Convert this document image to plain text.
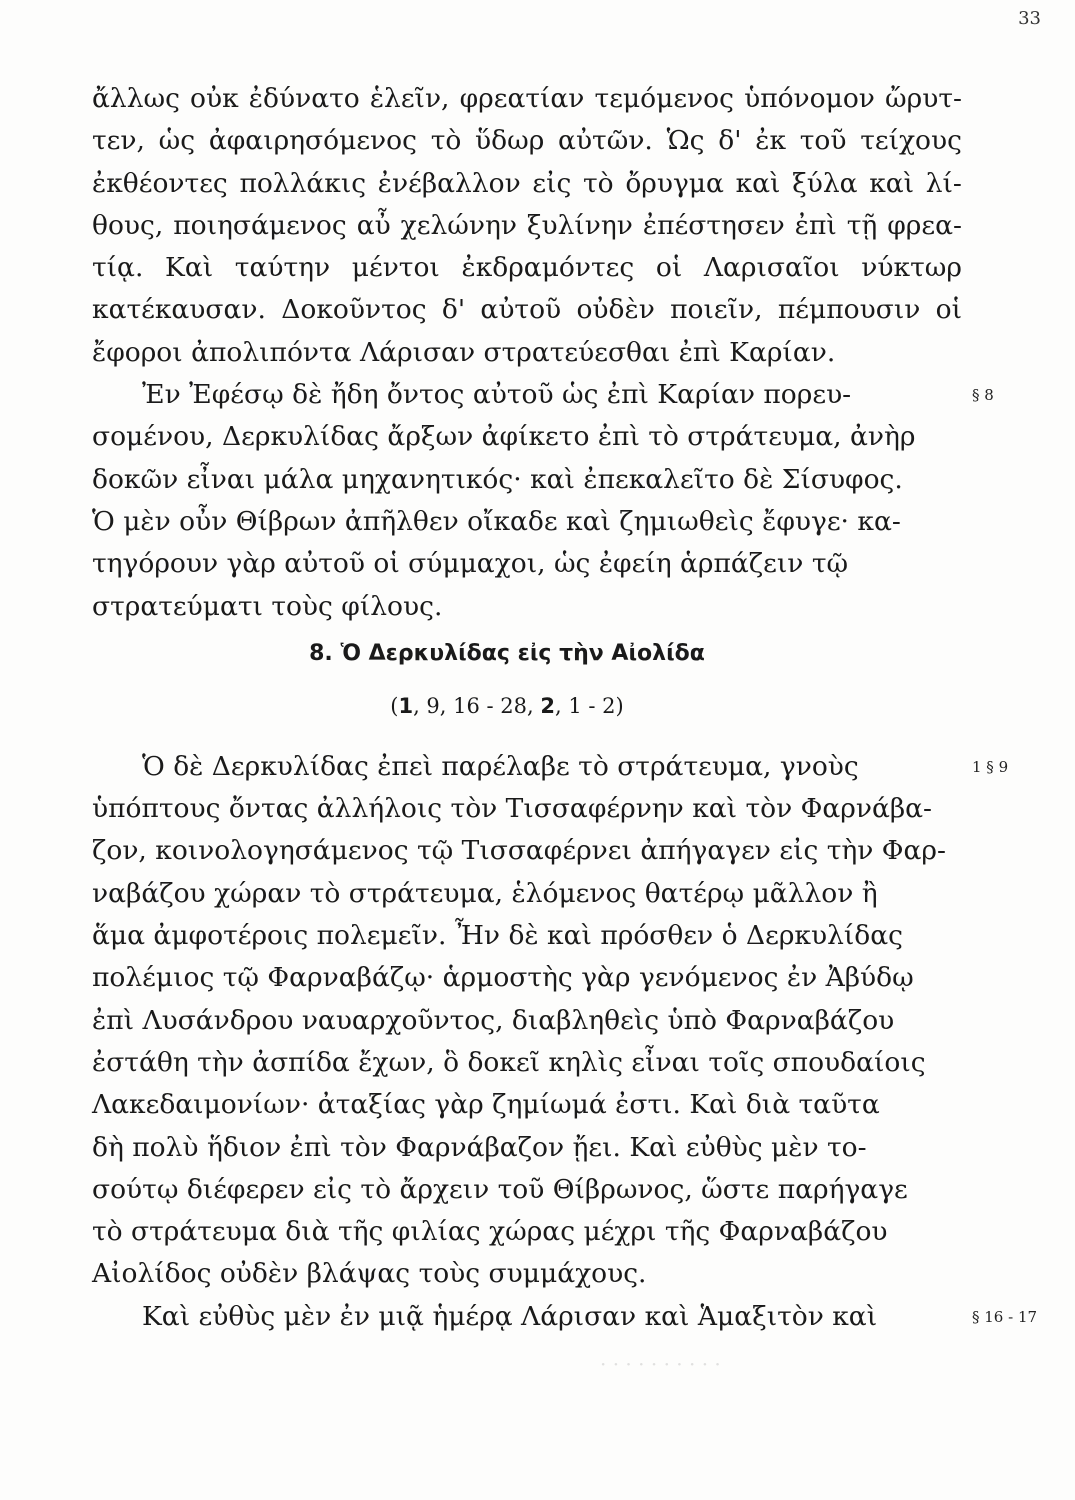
· · · · · · · · · ·
33
ἄλλως οὐκ ἐδύνατο ἑλεῖν, φρεατίαν τεμόμενος ὑπόνομον ὤρυτ-
τεν, ὡς ἀφαιρησόμενος τὸ ὕδωρ αὐτῶν. Ὡς δ' ἐκ τοῦ τείχους
ἐκθέοντες πολλάκις ἐνέβαλλον εἰς τὸ ὄρυγμα καὶ ξύλα καὶ λί-
θους, ποιησάμενος αὖ χελώνην ξυλίνην ἐπέστησεν ἐπὶ τῇ φρεα-
τίᾳ. Καὶ ταύτην μέντοι ἐκδραμόντες οἱ Λαρισαῖοι νύκτωρ
κατέκαυσαν. Δοκοῦντος δ' αὐτοῦ οὐδὲν ποιεῖν, πέμπουσιν οἱ
ἔφοροι ἀπολιπόντα Λάρισαν στρατεύεσθαι ἐπὶ Καρίαν.
Ἐν Ἐφέσῳ δὲ ἤδη ὄντος αὐτοῦ ὡς ἐπὶ Καρίαν πορευ-	§ 8
σομένου, Δερκυλίδας ἄρξων ἀφίκετο ἐπὶ τὸ στράτευμα, ἀνὴρ
δοκῶν εἶναι μάλα μηχανητικός· καὶ ἐπεκαλεῖτο δὲ Σίσυφος.
Ὁ μὲν οὖν Θίβρων ἀπῆλθεν οἴκαδε καὶ ζημιωθεὶς ἔφυγε· κα-
τηγόρουν γὰρ αὐτοῦ οἱ σύμμαχοι, ὡς ἐφείη ἁρπάζειν τῷ
στρατεύματι τοὺς φίλους.
8. Ὁ Δερκυλίδας εἰς τὴν Αἰολίδα
(1, 9, 16 - 28, 2, 1 - 2)
Ὁ δὲ Δερκυλίδας ἐπεὶ παρέλαβε τὸ στράτευμα, γνοὺς	1 § 9
ὑπόπτους ὄντας ἀλλήλοις τὸν Τισσαφέρνην καὶ τὸν Φαρνάβα-
ζον, κοινολογησάμενος τῷ Τισσαφέρνει ἀπήγαγεν εἰς τὴν Φαρ-
ναβάζου χώραν τὸ στράτευμα, ἑλόμενος θατέρῳ μᾶλλον ἢ
ἅμα ἀμφοτέροις πολεμεῖν. Ἦν δὲ καὶ πρόσθεν ὁ Δερκυλίδας
πολέμιος τῷ Φαρναβάζῳ· ἁρμοστὴς γὰρ γενόμενος ἐν Ἀβύδῳ
ἐπὶ Λυσάνδρου ναυαρχοῦντος, διαβληθεὶς ὑπὸ Φαρναβάζου
ἐστάθη τὴν ἀσπίδα ἔχων, ὃ δοκεῖ κηλὶς εἶναι τοῖς σπουδαίοις
Λακεδαιμονίων· ἀταξίας γὰρ ζημίωμά ἐστι. Καὶ διὰ ταῦτα
δὴ πολὺ ἥδιον ἐπὶ τὸν Φαρνάβαζον ᾔει. Καὶ εὐθὺς μὲν το-
σούτῳ διέφερεν εἰς τὸ ἄρχειν τοῦ Θίβρωνος, ὥστε παρήγαγε
τὸ στράτευμα διὰ τῆς φιλίας χώρας μέχρι τῆς Φαρναβάζου
Αἰολίδος οὐδὲν βλάψας τοὺς συμμάχους.
Καὶ εὐθὺς μὲν ἐν μιᾷ ἡμέρᾳ Λάρισαν καὶ Ἁμαξιτὸν καὶ	§ 16 - 17
